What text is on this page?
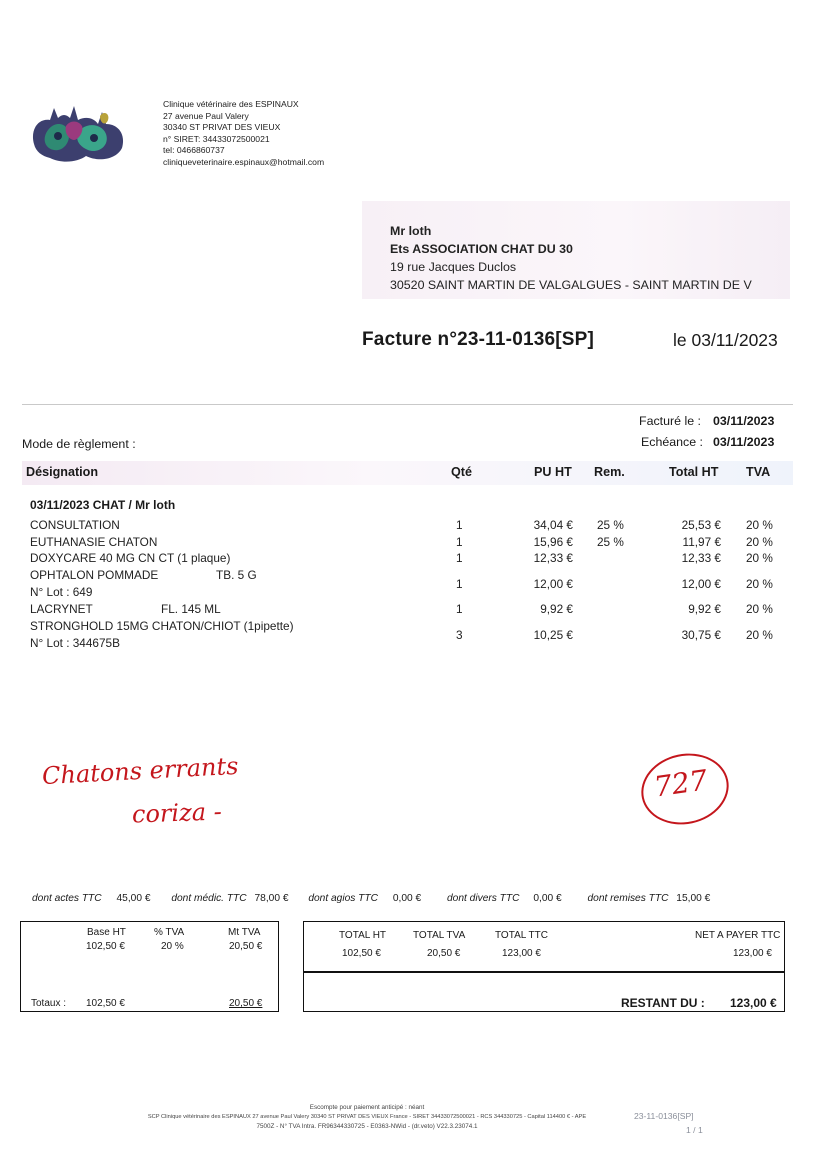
Clinique vétérinaire des ESPINAUX
27 avenue Paul Valery
30340 ST PRIVAT DES VIEUX
n° SIRET: 34433072500021
tel: 0466860737
cliniqueveterinaire.espinaux@hotmail.com
Mr loth
Ets ASSOCIATION CHAT DU 30
19 rue Jacques Duclos
30520 SAINT MARTIN DE VALGALGUES - SAINT MARTIN DE V
Facture n°23-11-0136[SP]	le 03/11/2023
Facturé le : 03/11/2023
Echéance : 03/11/2023
Mode de règlement :
Désignation	Qté	PU HT Rem.	Total HT TVA
03/11/2023 CHAT / Mr loth
CONSULTATION	1	34,04 € 25 %	25,53 € 20 %
EUTHANASIE CHATON	1	15,96 € 25 %	11,97 € 20 %
DOXYCARE 40 MG CN CT (1 plaque)	1	12,33 €	12,33 € 20 %
OPHTALON POMMADE	TB. 5 G
N° Lot : 649
1	12,00 €	12,00 € 20 %
LACRYNET	FL. 145 ML	1	9,92 €	9,92 € 20 %
STRONGHOLD 15MG CHATON/CHIOT (1pipette)
N° Lot : 344675B
3	10,25 €	30,75 € 20 %
Chatons errants
coriza -
727
dont actes TTC 45,00 € dont médic. TTC 78,00 € dont agios TTC 0,00 €	dont divers TTC 0,00 €	dont remises TTC 15,00 €
Base HT	% TVA	Mt TVA
102,50 €	20 %	20,50 €
Totaux : 102,50 €	20,50 €
TOTAL HT	TOTAL TVA	TOTAL TTC	NET A PAYER TTC
102,50 €	20,50 €	123,00 €	123,00 €
RESTANT DU : 123,00 €
Escompte pour paiement anticipé : néant
SCP Clinique vétérinaire des ESPINAUX 27 avenue Paul Valery 30340 ST PRIVAT DES VIEUX France - SIRET 34433072500021 - RCS 344330725 - Capital 114400 € - APE
7500Z - N° TVA Intra. FR96344330725 - E0363-NWid - (dr.veto) V22.3.23074.1
23-11-0136[SP]
1 / 1
